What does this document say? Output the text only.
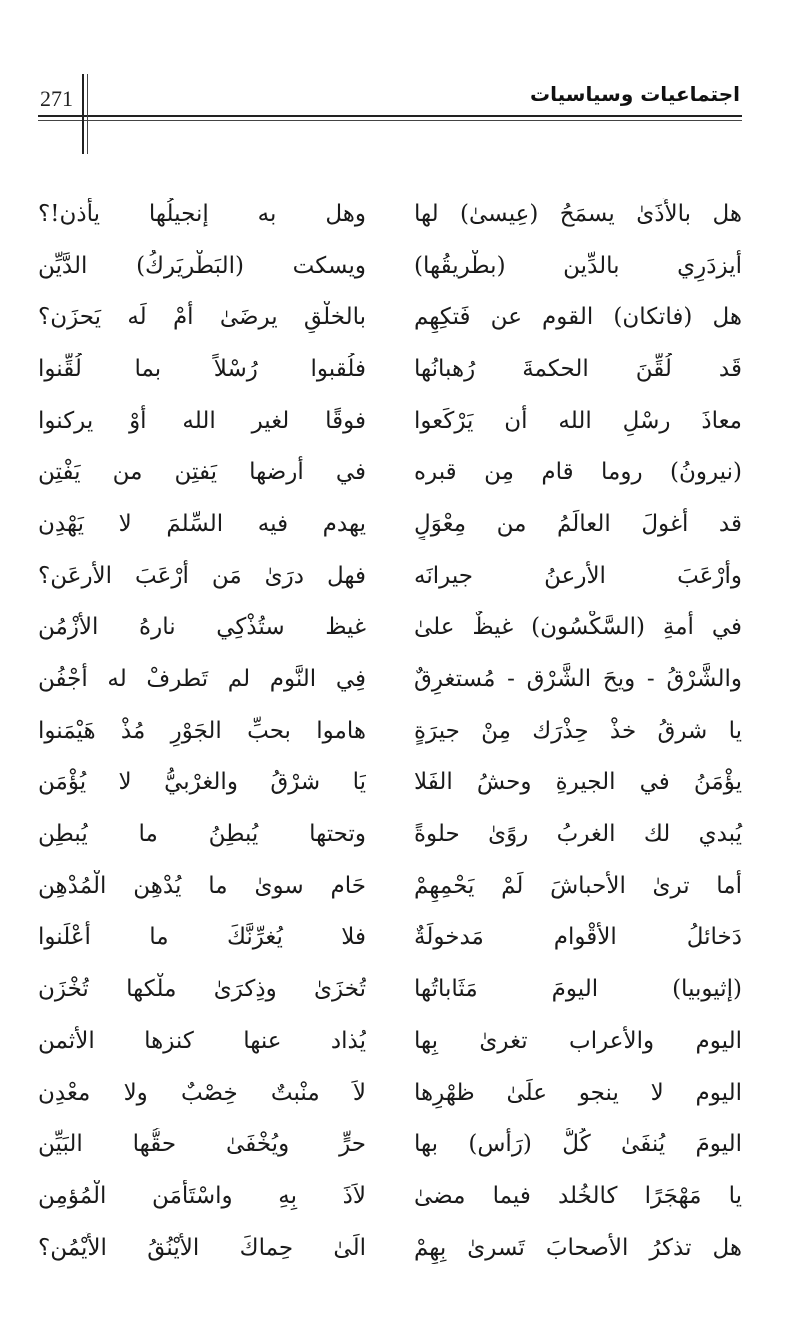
271	اجتماعيات وسياسيات
هل بالأَذَىٰ يسمَحُ (عِيسىٰ) لها
وهل به إنجيلُها يأذن!؟
أيزدَرِي بالدِّين (بطْريقُها)
ويسكت (البَطْريَركُ) الدَّيِّن
هل (فاتكان) القوم عن فَتكِهِم
بالخلْقِ يرضَىٰ أمْ لَه يَحزَن؟
قَد لُقِّنَ الحكمةَ رُهبانُها
فلُقبوا رُسْلاً بما لُقِّنوا
معاذَ رسْلِ الله أن يَرْكَعوا
فوقًا لغير الله أوْ يركنوا
(نيرونُ) روما قام مِن قبره
في أرضها يَفتِن من يَفْتِن
قد أغولَ العالَمُ من مِعْوَلٍ
يهدم فيه السِّلمَ لا يَهْدِن
وأرْعَبَ الأرعنُ جيرانَه
فهل درَىٰ مَن أرْعَبَ الأرعَن؟
في أمةِ (السَّكْسُون) غيظٌ علىٰ
غيظ ستُذْكِي نارهُ الأزْمُن
والشَّرْقُ - ويحَ الشَّرْق - مُستغرِقٌ
فِي النَّوم لم تَطرفْ له أجْفُن
يا شرقُ خذْ حِذْرَك مِنْ جيرَةٍ
هاموا بحبِّ الجَوْرِ مُذْ هَيْمَنوا
يؤْمَنُ في الجيرةِ وحشُ الفَلا
يَا شرْقُ والغرْبيُّ لا يُؤْمَن
يُبدي لك الغربُ روًىٰ حلوةً
وتحتها يُبطِنُ ما يُبطِن
أما ترىٰ الأحباشَ لَمْ يَحْمِهِمْ
حَام سوىٰ ما يُدْهِن الْمُدْهِن
دَخائلُ الأقْوام مَدخولَةٌ
فلا يُغرِّنَّكَ ما أعْلَنوا
(إثيوبيا) اليومَ مَثَاباتُها
تُخزَىٰ وذِكرَىٰ ملْكها تُخْزَن
اليوم والأعراب تغرىٰ بِها
يُذاد عنها كنزها الأثمن
اليوم لا ينجو علَىٰ ظهْرِها
لاَ منْبتٌ خِصْبٌ ولا معْدِن
اليومَ يُنفَىٰ كُلُّ (رَأس) بها
حرٍّ ويُخْفَىٰ حقُّها البَيِّن
يا مَهْجَرًا كالخُلد فيما مضىٰ
لاَذَ بِهِ واسْتَأمَن الْمُؤمِن
هل تذكرُ الأصحابَ تَسرىٰ بِهِمْ
الَىٰ حِماكَ الأَيْنُقُ الأَيْمُن؟
